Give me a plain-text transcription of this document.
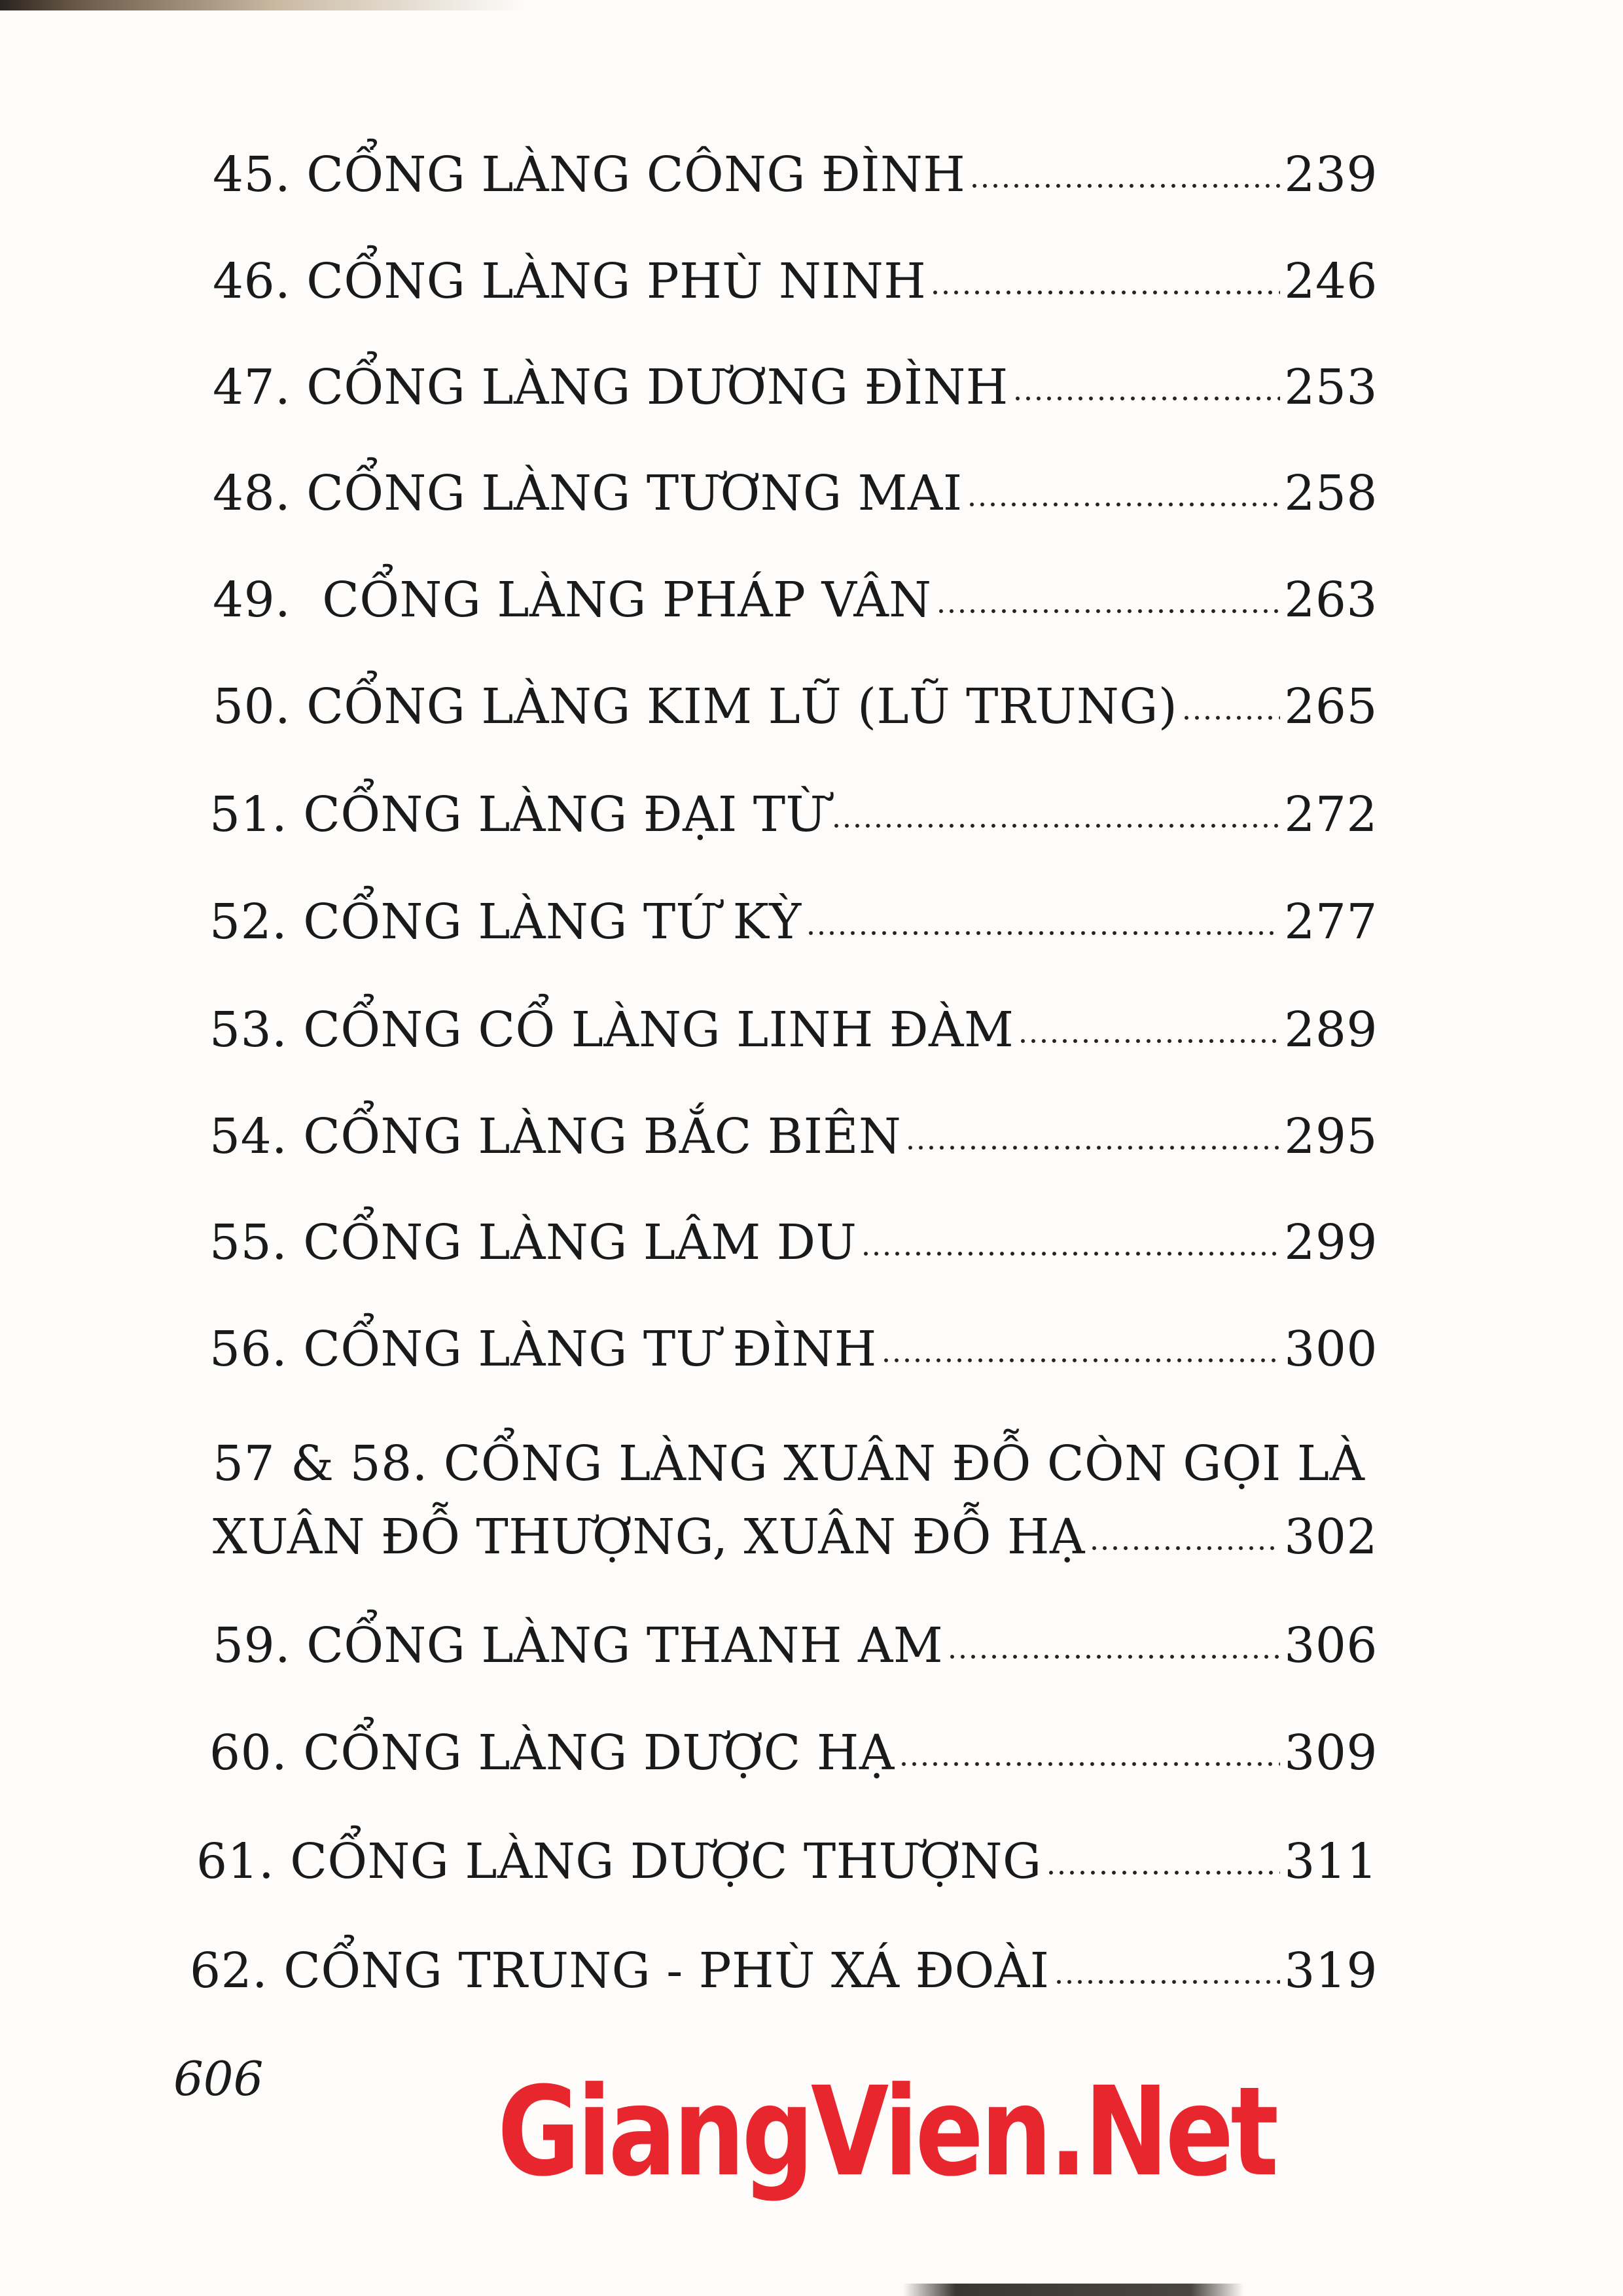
45. CỔNG LÀNG CÔNG ĐÌNH	239
46. CỔNG LÀNG PHÙ NINH	246
47. CỔNG LÀNG DƯƠNG ĐÌNH	253
48. CỔNG LÀNG TƯƠNG MAI	258
49.  CỔNG LÀNG PHÁP VÂN	263
50. CỔNG LÀNG KIM LŨ (LŨ TRUNG) 265
51. CỔNG LÀNG ĐẠI TỪ	272
52. CỔNG LÀNG TỨ KỲ	277
53. CỔNG CỔ LÀNG LINH ĐÀM	289
54. CỔNG LÀNG BẮC BIÊN	295
55. CỔNG LÀNG LÂM DU	299
56. CỔNG LÀNG TƯ ĐÌNH	300
57 & 58. CỔNG LÀNG XUÂN ĐỖ CÒN GỌI LÀ
XUÂN ĐỖ THƯỢNG, XUÂN ĐỖ HẠ	302
59. CỔNG LÀNG THANH AM	306
60. CỔNG LÀNG DƯỢC HẠ	309
61. CỔNG LÀNG DƯỢC THƯỢNG	311
62. CỔNG TRUNG - PHÙ XÁ ĐOÀI	319
606 GiangVien.Net
